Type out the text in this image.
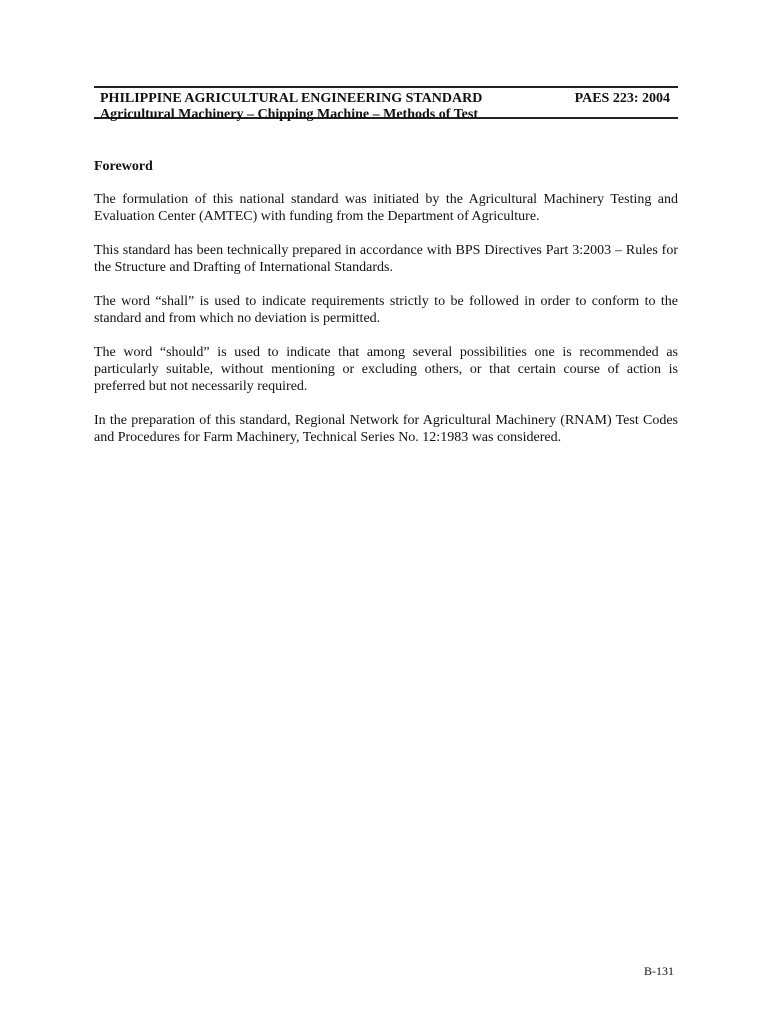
PHILIPPINE AGRICULTURAL ENGINEERING STANDARD	PAES 223: 2004
Agricultural Machinery – Chipping Machine – Methods of Test
Foreword

The formulation of this national standard was initiated by the Agricultural Machinery Testing and Evaluation Center (AMTEC) with funding from the Department of Agriculture.

This standard has been technically prepared in accordance with BPS Directives Part 3:2003 – Rules for the Structure and Drafting of International Standards.

The word “shall” is used to indicate requirements strictly to be followed in order to conform to the standard and from which no deviation is permitted.

The word “should” is used to indicate that among several possibilities one is recommended as particularly suitable, without mentioning or excluding others, or that certain course of action is preferred but not necessarily required.

In the preparation of this standard, Regional Network for Agricultural Machinery (RNAM) Test Codes and Procedures for Farm Machinery, Technical Series No. 12:1983 was considered.

B-131
